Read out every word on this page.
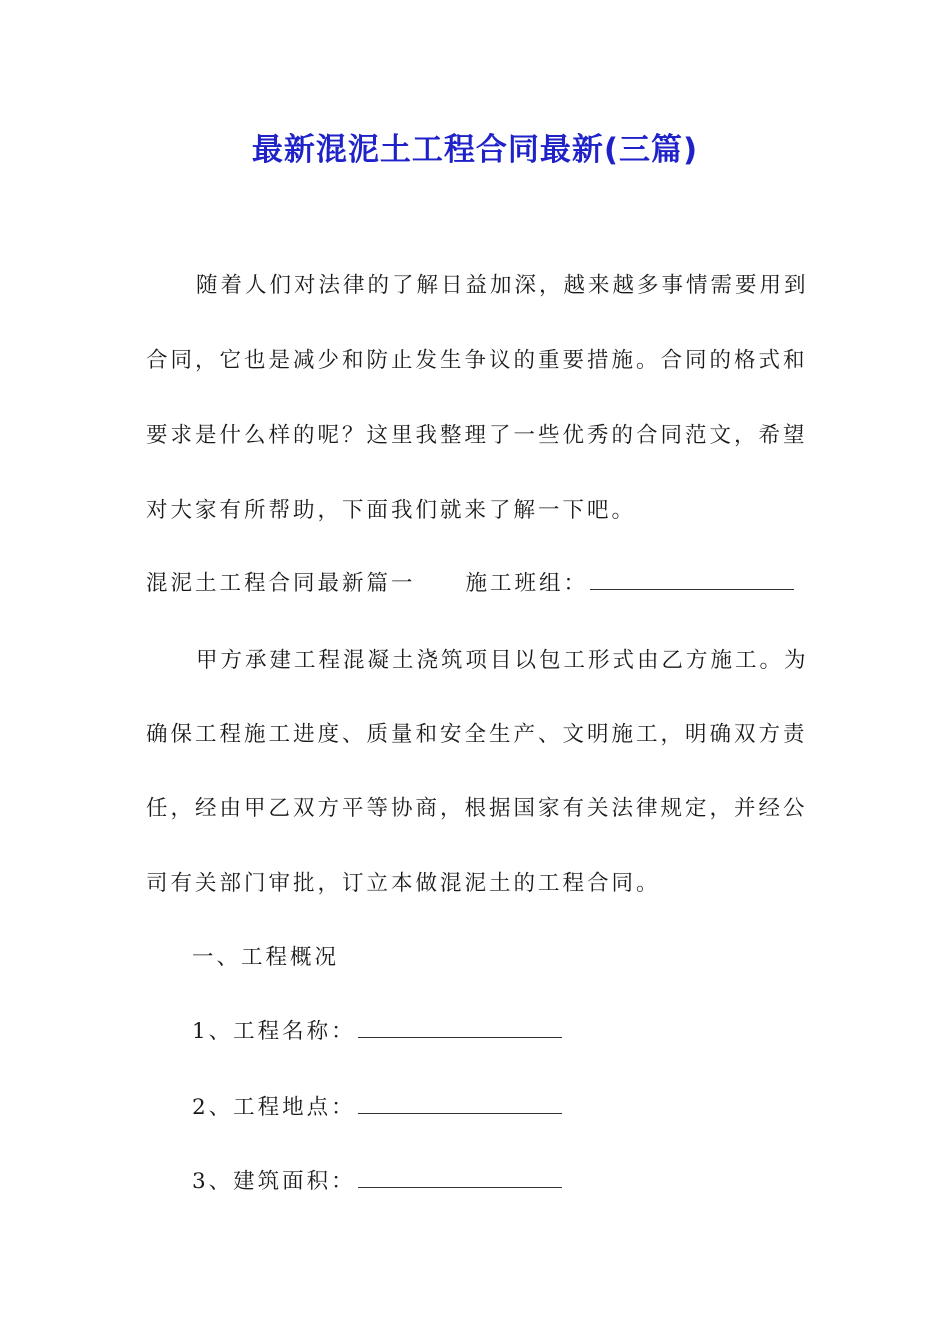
最新混泥土工程合同最新(三篇)
随着人们对法律的了解日益加深，越来越多事情需要用到
合同，它也是减少和防止发生争议的重要措施。合同的格式和
要求是什么样的呢？这里我整理了一些优秀的合同范文，希望
对大家有所帮助，下面我们就来了解一下吧。
混泥土工程合同最新篇一 施工班组：
甲方承建工程混凝土浇筑项目以包工形式由乙方施工。为
确保工程施工进度、质量和安全生产、文明施工，明确双方责
任，经由甲乙双方平等协商，根据国家有关法律规定，并经公
司有关部门审批，订立本做混泥土的工程合同。
一、工程概况
1、工程名称：
2、工程地点：
3、建筑面积：
